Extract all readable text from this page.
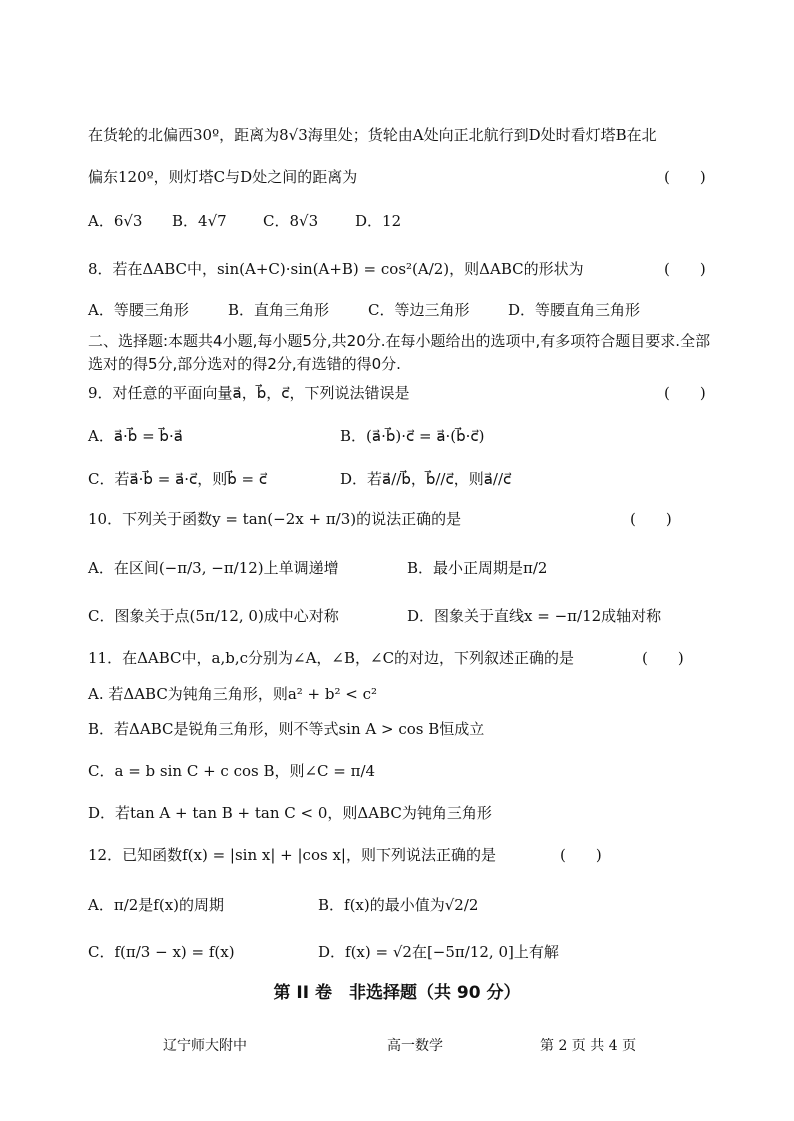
在货轮的北偏西30º，距离为8√3海里处；货轮由A处向正北航行到D处时看灯塔B在北
偏东120º，则灯塔C与D处之间的距离为	(　　)
A．6√3 B．4√7 C．8√3 D．12
8．若在ΔABC中，sin(A+C)·sin(A+B) = cos²(A/2)，则ΔABC的形状为	(　　)
A．等腰三角形	B．直角三角形	C．等边三角形	D．等腰直角三角形
二、选择题:本题共4小题,每小题5分,共20分.在每小题给出的选项中,有多项符合题目要求.全部选对的得5分,部分选对的得2分,有选错的得0分.
9．对任意的平面向量a⃗，b⃗，c⃗，下列说法错误是	(　　)
A．a⃗·b⃗ = b⃗·a⃗	B．(a⃗·b⃗)·c⃗ = a⃗·(b⃗·c⃗)
C．若a⃗·b⃗ = a⃗·c⃗，则b⃗ = c⃗	D．若a⃗//b⃗，b⃗//c⃗，则a⃗//c⃗
10．下列关于函数y = tan(−2x + π/3)的说法正确的是	(　　)
A．在区间(−π/3, −π/12)上单调递增	B．最小正周期是π/2
C．图象关于点(5π/12, 0)成中心对称	D．图象关于直线x = −π/12成轴对称
11．在ΔABC中，a,b,c分别为∠A，∠B，∠C的对边，下列叙述正确的是	(　　)
A. 若ΔABC为钝角三角形，则a² + b² < c²
B．若ΔABC是锐角三角形，则不等式sin A > cos B恒成立
C．a = b sin C + c cos B，则∠C = π/4
D．若tan A + tan B + tan C < 0，则ΔABC为钝角三角形
12．已知函数f(x) = |sin x| + |cos x|，则下列说法正确的是	(　　)
A．π/2是f(x)的周期	B．f(x)的最小值为√2/2
C．f(π/3 − x) = f(x)	D．f(x) = √2在[−5π/12, 0]上有解
第 II 卷　非选择题（共 90 分）
辽宁师大附中	高一数学	第 2 页 共 4 页
